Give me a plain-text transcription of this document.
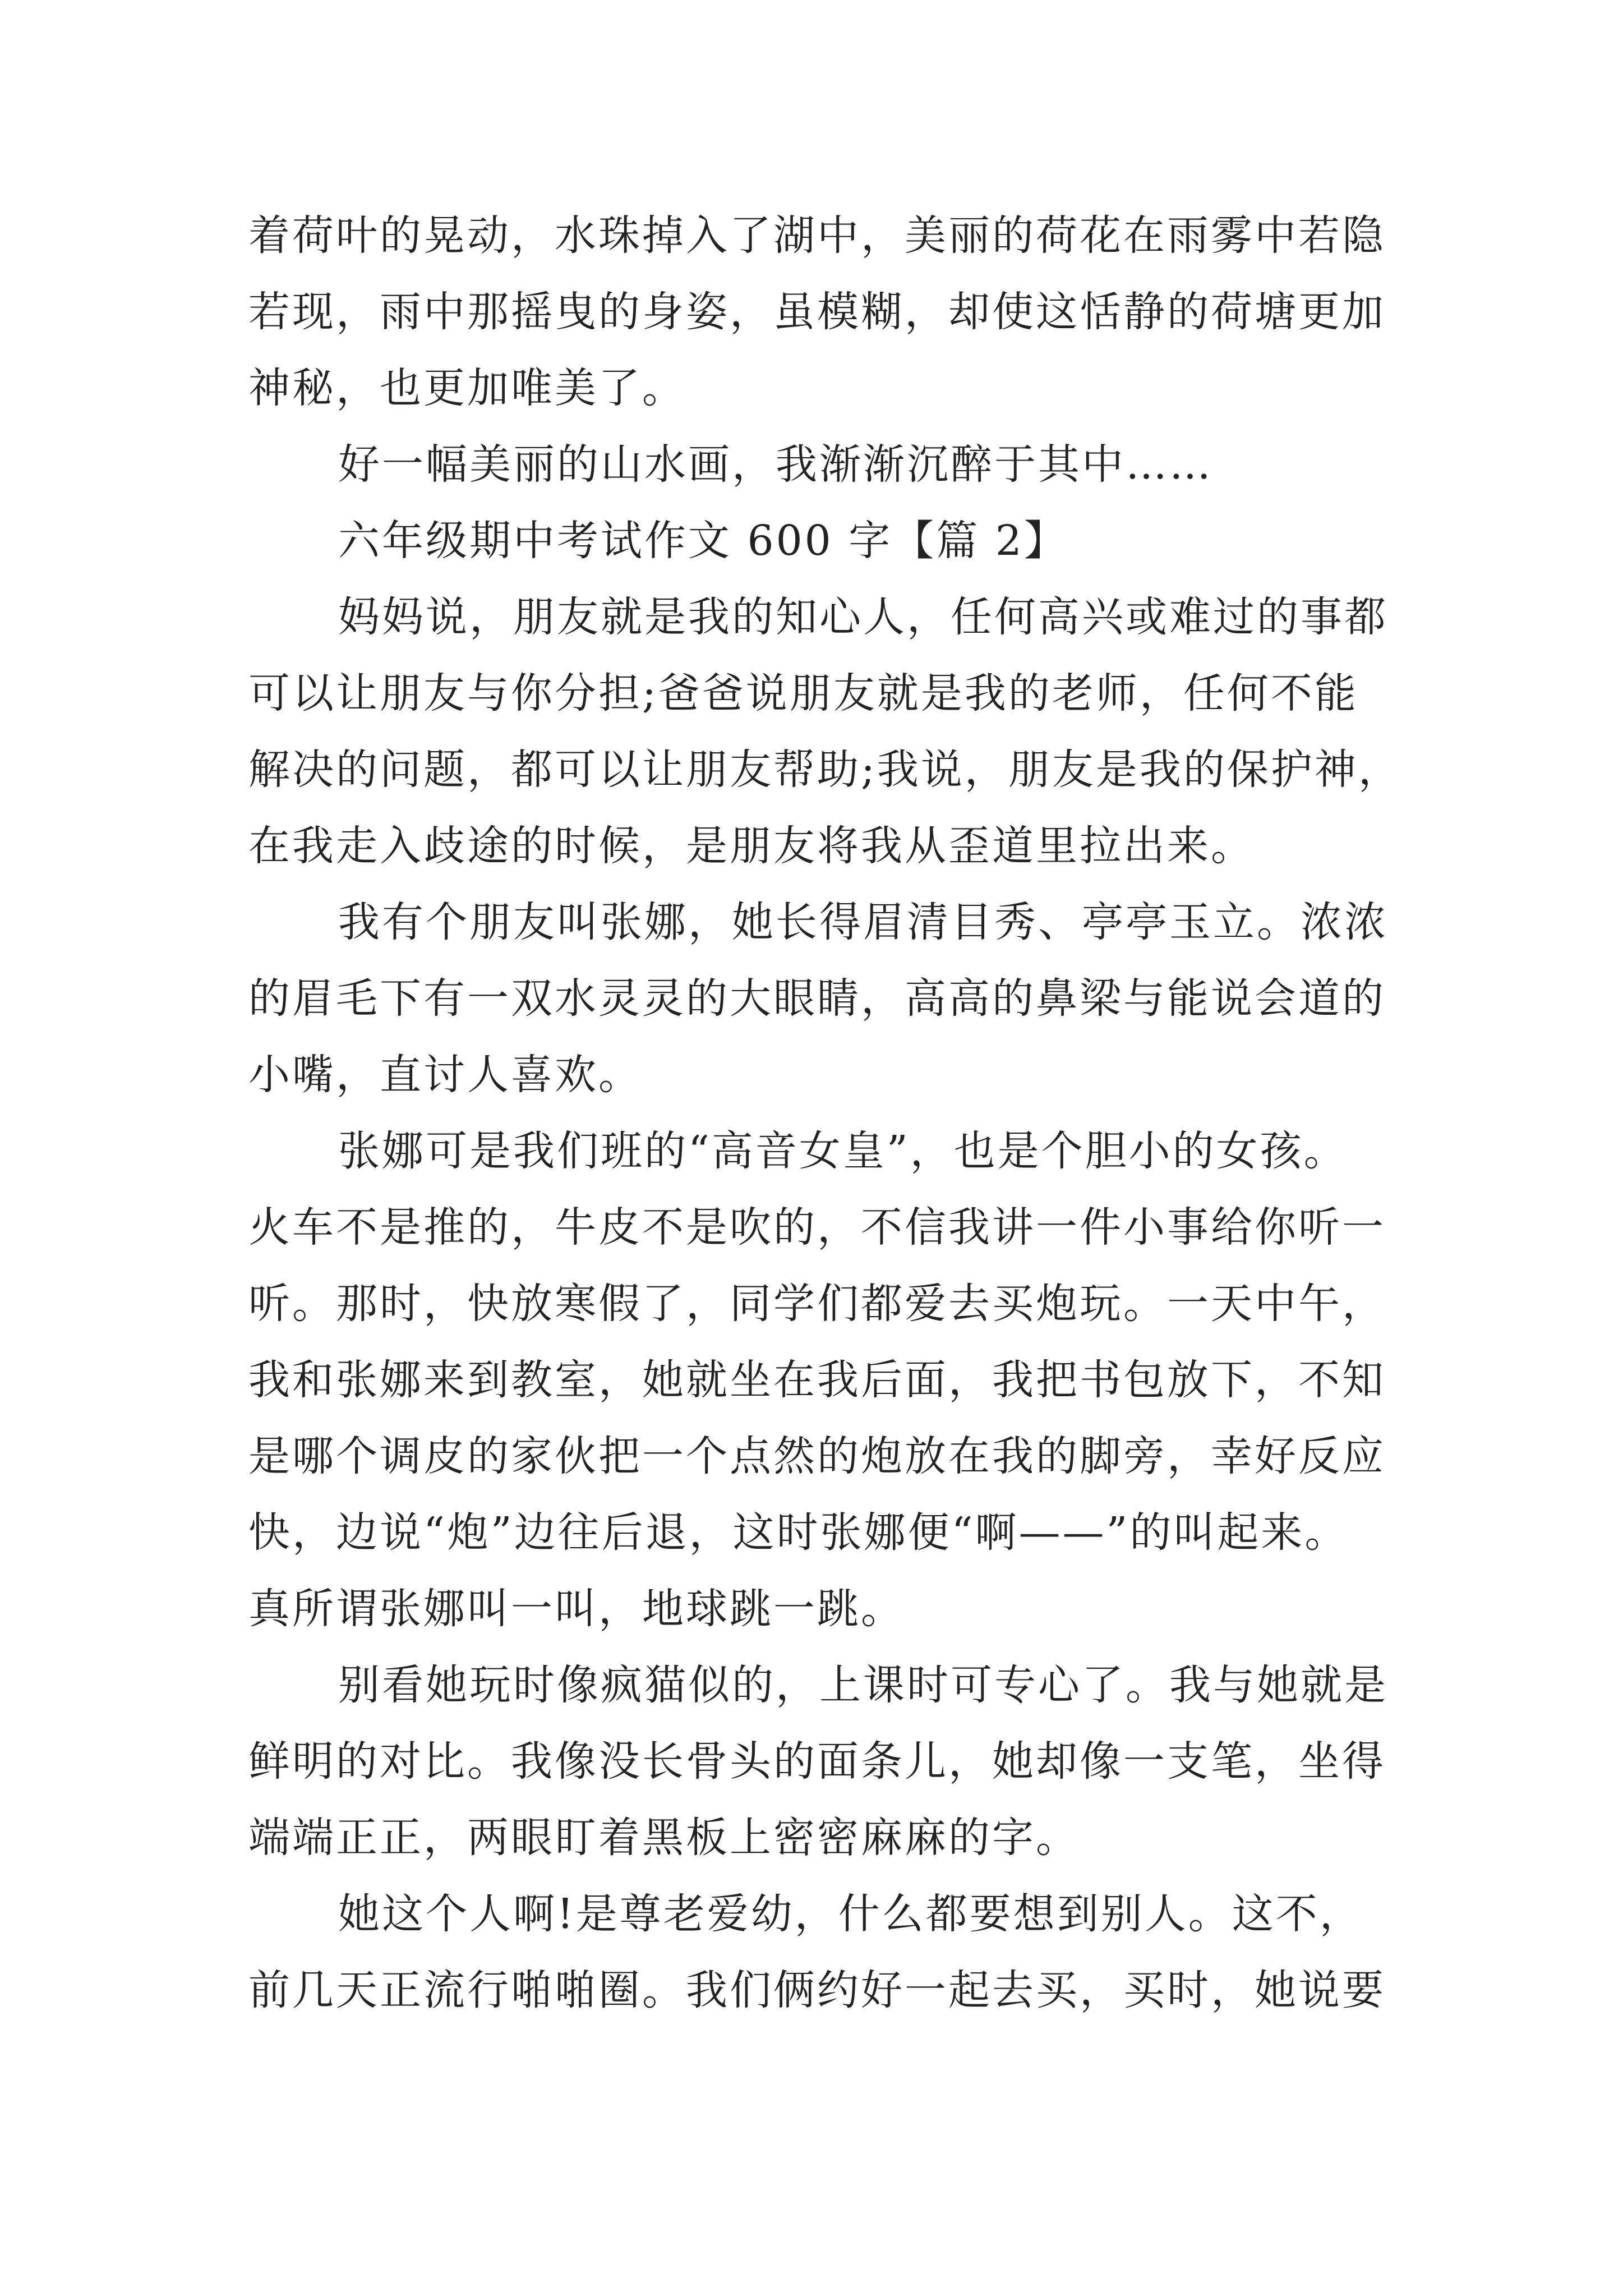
着荷叶的晃动，水珠掉入了湖中，美丽的荷花在雨雾中若隐
若现，雨中那摇曳的身姿，虽模糊，却使这恬静的荷塘更加
神秘，也更加唯美了。
好一幅美丽的山水画，我渐渐沉醉于其中……
六年级期中考试作文 600 字【篇 2】
妈妈说，朋友就是我的知心人，任何高兴或难过的事都
可以让朋友与你分担;爸爸说朋友就是我的老师，任何不能
解决的问题，都可以让朋友帮助;我说，朋友是我的保护神，
在我走入歧途的时候，是朋友将我从歪道里拉出来。
我有个朋友叫张娜，她长得眉清目秀、亭亭玉立。浓浓
的眉毛下有一双水灵灵的大眼睛，高高的鼻梁与能说会道的
小嘴，直讨人喜欢。
张娜可是我们班的“高音女皇”，也是个胆小的女孩。
火车不是推的，牛皮不是吹的，不信我讲一件小事给你听一
听。那时，快放寒假了，同学们都爱去买炮玩。一天中午，
我和张娜来到教室，她就坐在我后面，我把书包放下，不知
是哪个调皮的家伙把一个点然的炮放在我的脚旁，幸好反应
快，边说“炮”边往后退，这时张娜便“啊——”的叫起来。
真所谓张娜叫一叫，地球跳一跳。
别看她玩时像疯猫似的，上课时可专心了。我与她就是
鲜明的对比。我像没长骨头的面条儿，她却像一支笔，坐得
端端正正，两眼盯着黑板上密密麻麻的字。
她这个人啊!是尊老爱幼，什么都要想到别人。这不，
前几天正流行啪啪圈。我们俩约好一起去买，买时，她说要
